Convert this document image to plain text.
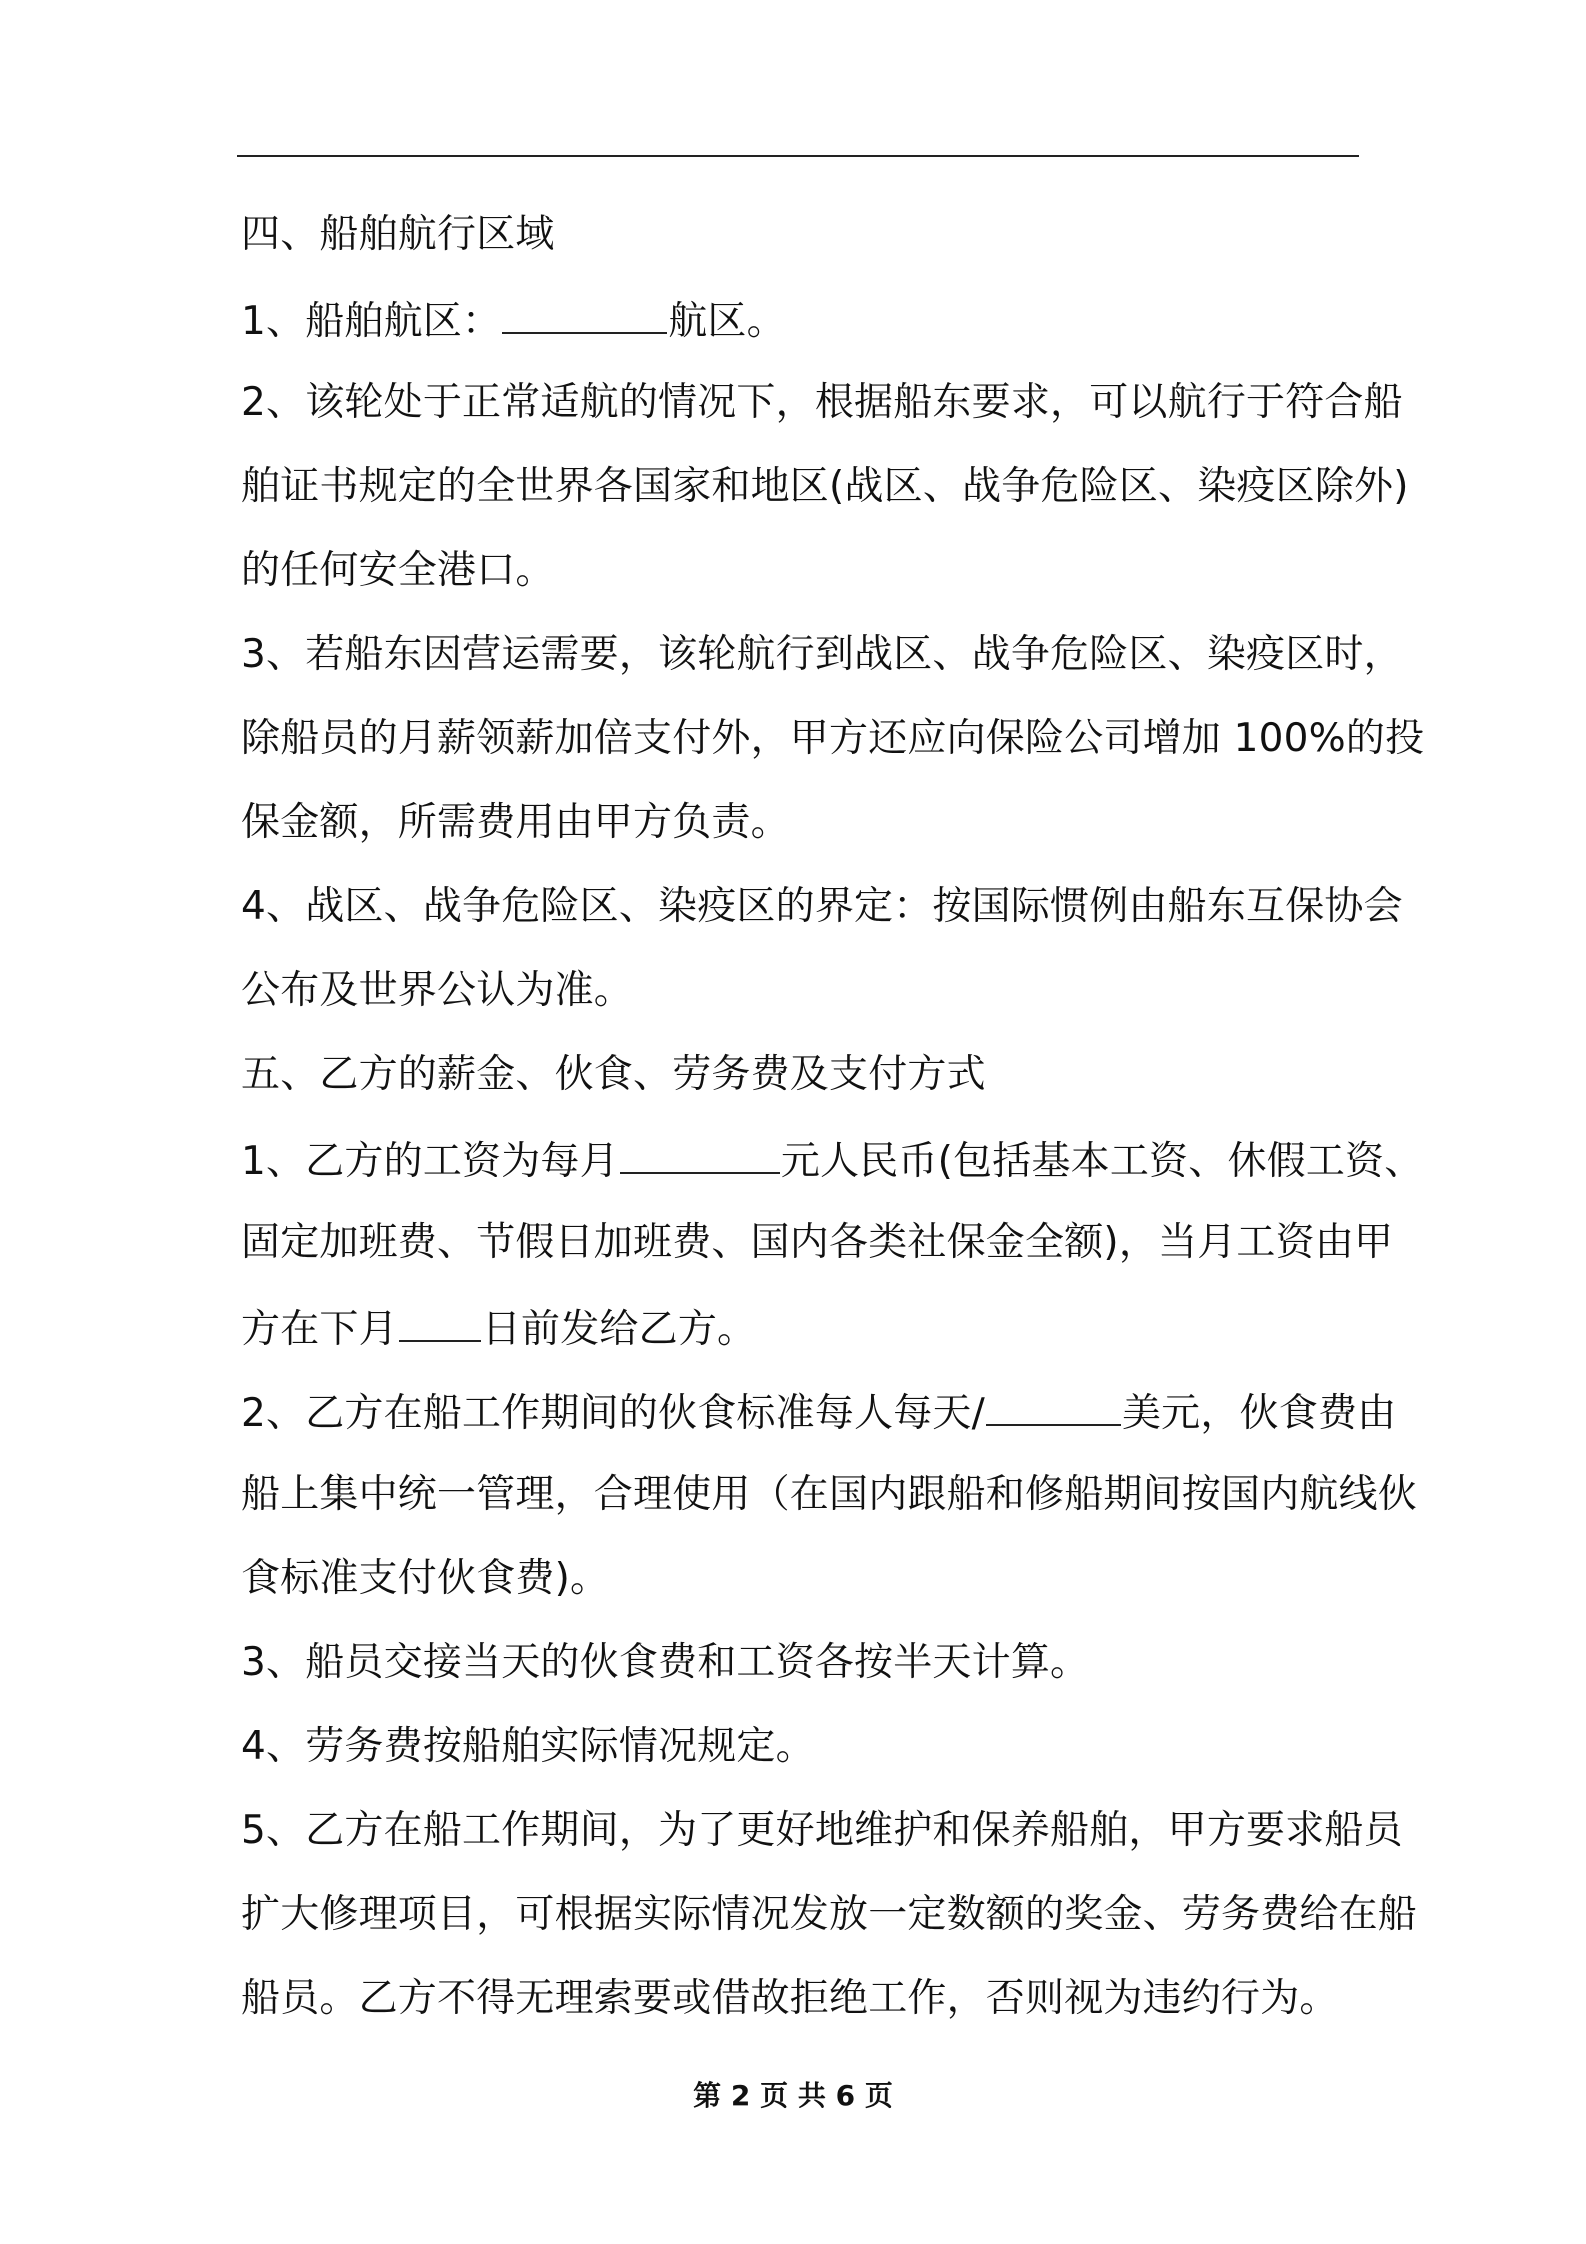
四、船舶航行区域
1、船舶航区：	航区。
2、该轮处于正常适航的情况下，根据船东要求，可以航行于符合船
舶证书规定的全世界各国家和地区(战区、战争危险区、染疫区除外)
的任何安全港口。
3、若船东因营运需要，该轮航行到战区、战争危险区、染疫区时，
除船员的月薪领薪加倍支付外，甲方还应向保险公司增加 100%的投
保金额，所需费用由甲方负责。
4、战区、战争危险区、染疫区的界定：按国际惯例由船东互保协会
公布及世界公认为准。
五、乙方的薪金、伙食、劳务费及支付方式
1、乙方的工资为每月	元人民币(包括基本工资、休假工资、
固定加班费、节假日加班费、国内各类社保金全额)，当月工资由甲
方在下月 日前发给乙方。
2、乙方在船工作期间的伙食标准每人每天/	美元，伙食费由
船上集中统一管理，合理使用（在国内跟船和修船期间按国内航线伙
食标准支付伙食费)。
3、船员交接当天的伙食费和工资各按半天计算。
4、劳务费按船舶实际情况规定。
5、乙方在船工作期间，为了更好地维护和保养船舶，甲方要求船员
扩大修理项目，可根据实际情况发放一定数额的奖金、劳务费给在船
船员。乙方不得无理索要或借故拒绝工作，否则视为违约行为。
第 2 页 共 6 页
